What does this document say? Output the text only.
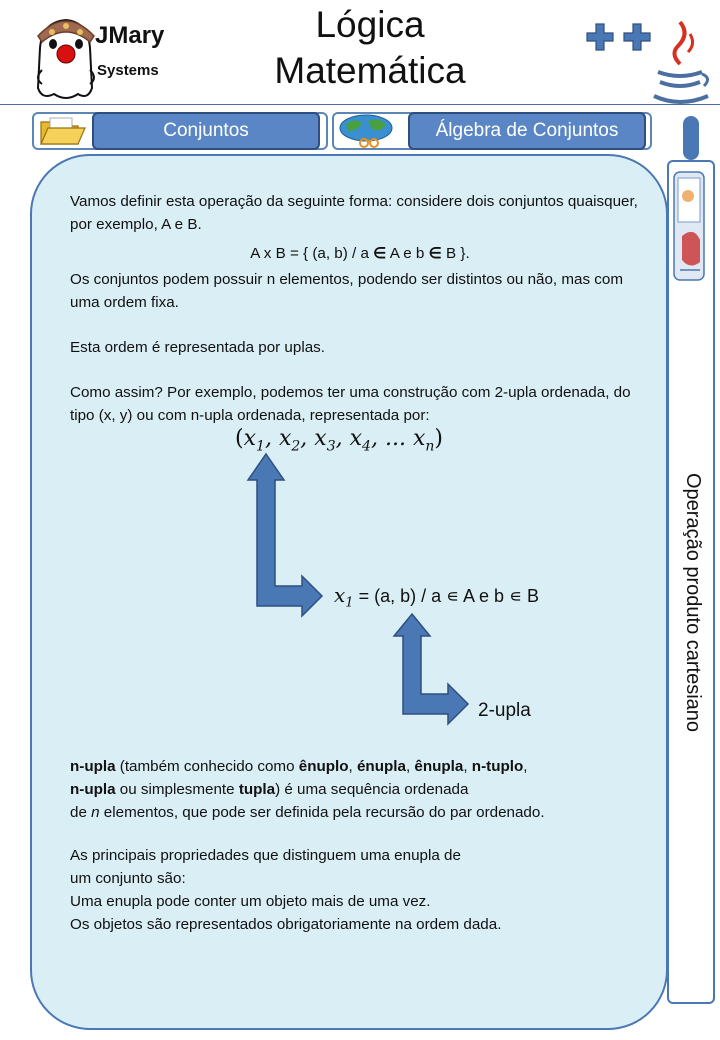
JMary
Systems
Lógica
Matemática
Conjuntos	Álgebra de Conjuntos
Operação produto cartesiano
Vamos definir esta operação da seguinte forma: considere dois conjuntos quaisquer, por exemplo, A e B.
A x B = { (a, b) / a ∈ A e b ∈ B }.
Os conjuntos podem possuir n elementos, podendo ser distintos ou não, mas com uma ordem fixa.
Esta ordem é representada por uplas.
Como assim? Por exemplo, podemos ter uma construção com 2-upla ordenada, do tipo (x, y) ou com n-upla ordenada, representada por:
($x_1$, $x_2$, $x_3$, $x_4$, ... $x_n$)
$x_1 = (a$, b) / a ∊ A e b ∊ B
2-upla

n-upla (também conhecido como ênuplo, énupla, ênupla, n-tuplo,

n-upla ou simplesmente tupla) é uma sequência ordenada

de n elementos, que pode ser definida pela recursão do par ordenado.

As principais propriedades que distinguem uma enupla de

um conjunto são:

Uma enupla pode conter um objeto mais de uma vez.

Os objetos são representados obrigatoriamente na ordem dada.
